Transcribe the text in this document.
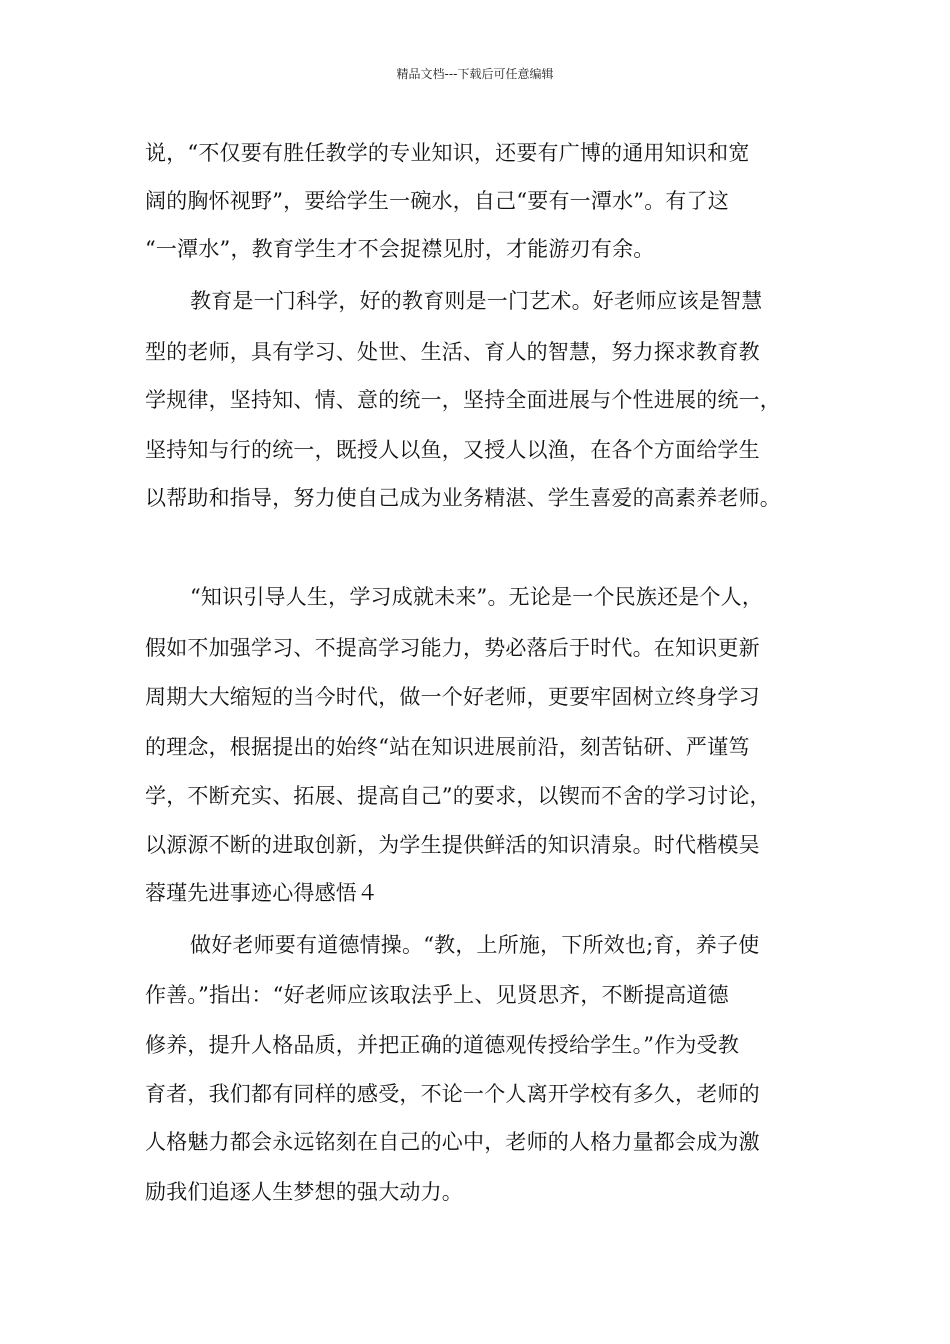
精品文档---下载后可任意编辑
说，“不仅要有胜任教学的专业知识，还要有广博的通用知识和宽
阔的胸怀视野”，要给学生一碗水，自己“要有一潭水”。有了这
“一潭水”，教育学生才不会捉襟见肘，才能游刃有余。
教育是一门科学，好的教育则是一门艺术。好老师应该是智慧
型的老师，具有学习、处世、生活、育人的智慧，努力探求教育教
学规律，坚持知、情、意的统一，坚持全面进展与个性进展的统一，
坚持知与行的统一，既授人以鱼，又授人以渔，在各个方面给学生
以帮助和指导，努力使自己成为业务精湛、学生喜爱的高素养老师。
“知识引导人生，学习成就未来”。无论是一个民族还是个人，
假如不加强学习、不提高学习能力，势必落后于时代。在知识更新
周期大大缩短的当今时代，做一个好老师，更要牢固树立终身学习
的理念，根据提出的始终“站在知识进展前沿，刻苦钻研、严谨笃
学，不断充实、拓展、提高自己”的要求，以锲而不舍的学习讨论，
以源源不断的进取创新，为学生提供鲜活的知识清泉。时代楷模吴
蓉瑾先进事迹心得感悟４
做好老师要有道德情操。“教，上所施，下所效也;育，养子使
作善。”指出：“好老师应该取法乎上、见贤思齐，不断提高道德
修养，提升人格品质，并把正确的道德观传授给学生。”作为受教
育者，我们都有同样的感受，不论一个人离开学校有多久，老师的
人格魅力都会永远铭刻在自己的心中，老师的人格力量都会成为激
励我们追逐人生梦想的强大动力。
